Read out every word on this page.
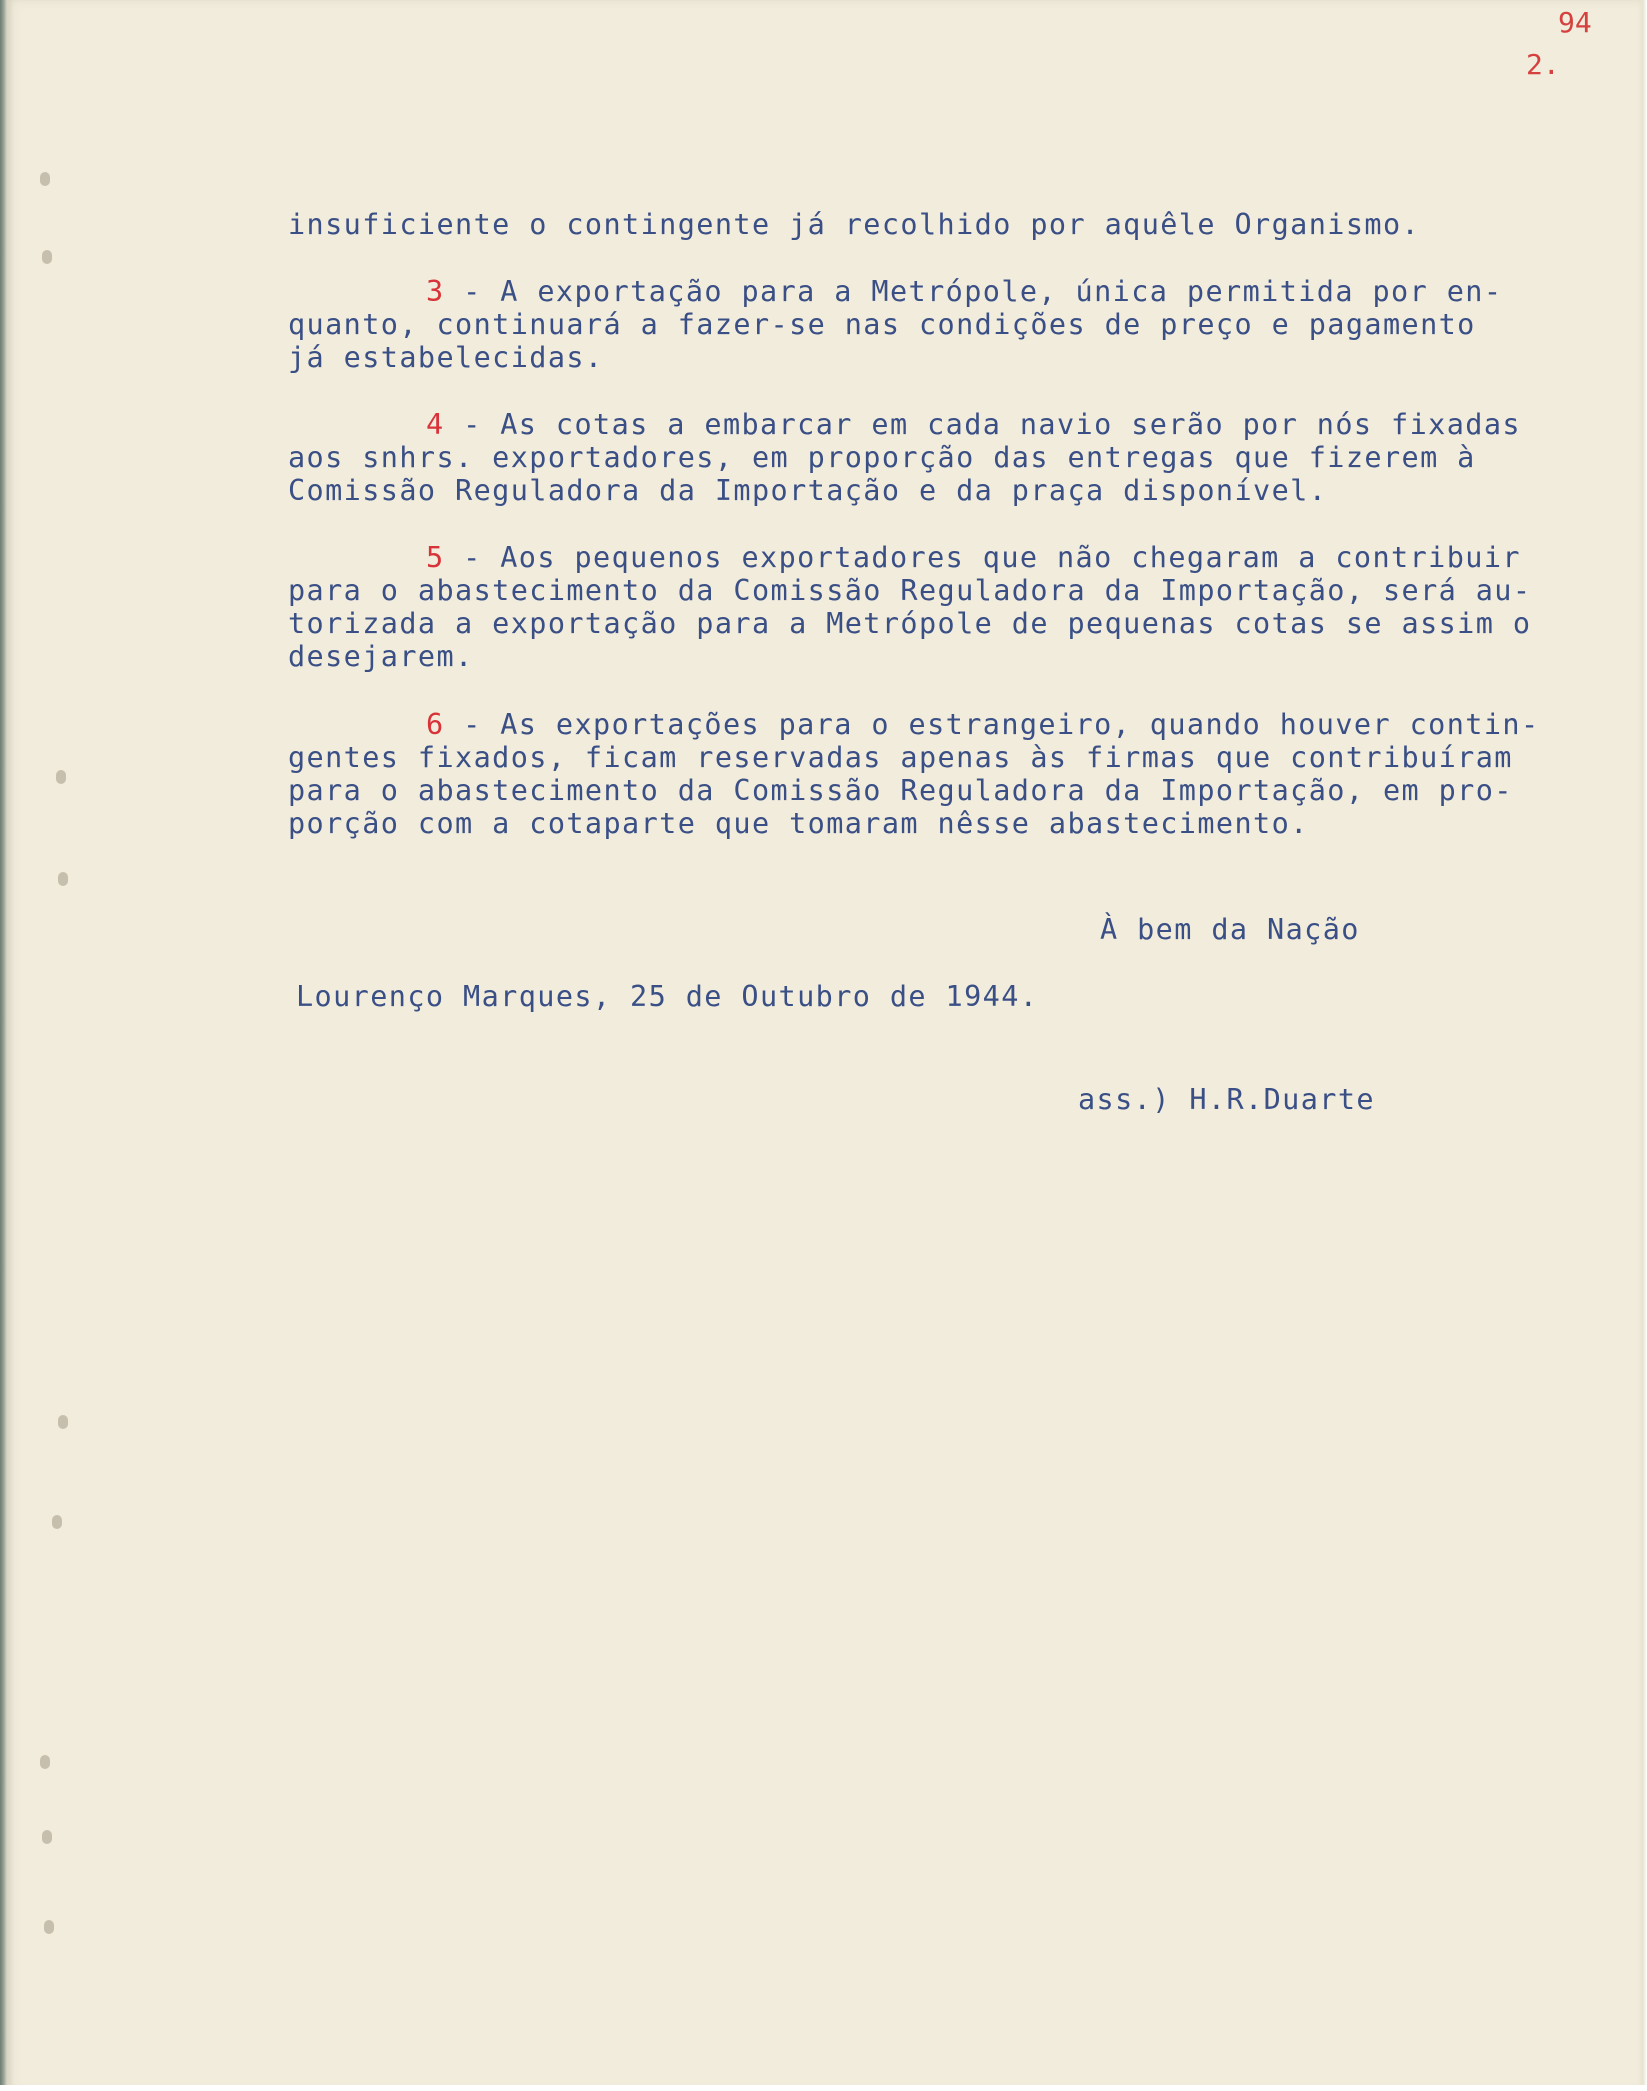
94
2.
insuficiente o contingente já recolhido por aquêle Organismo.
3 - A exportação para a Metrópole, única permitida por en-
quanto, continuará a fazer-se nas condições de preço e pagamento
já estabelecidas.
4 - As cotas a embarcar em cada navio serão por nós fixadas
aos snhrs. exportadores, em proporção das entregas que fizerem à
Comissão Reguladora da Importação e da praça disponível.
5 - Aos pequenos exportadores que não chegaram a contribuir
para o abastecimento da Comissão Reguladora da Importação, será au-
torizada a exportação para a Metrópole de pequenas cotas se assim o
desejarem.
6 - As exportações para o estrangeiro, quando houver contin-
gentes fixados, ficam reservadas apenas às firmas que contribuíram
para o abastecimento da Comissão Reguladora da Importação, em pro-
porção com a cotaparte que tomaram nêsse abastecimento.
À bem da Nação
Lourenço Marques, 25 de Outubro de 1944.
ass.) H.R.Duarte
